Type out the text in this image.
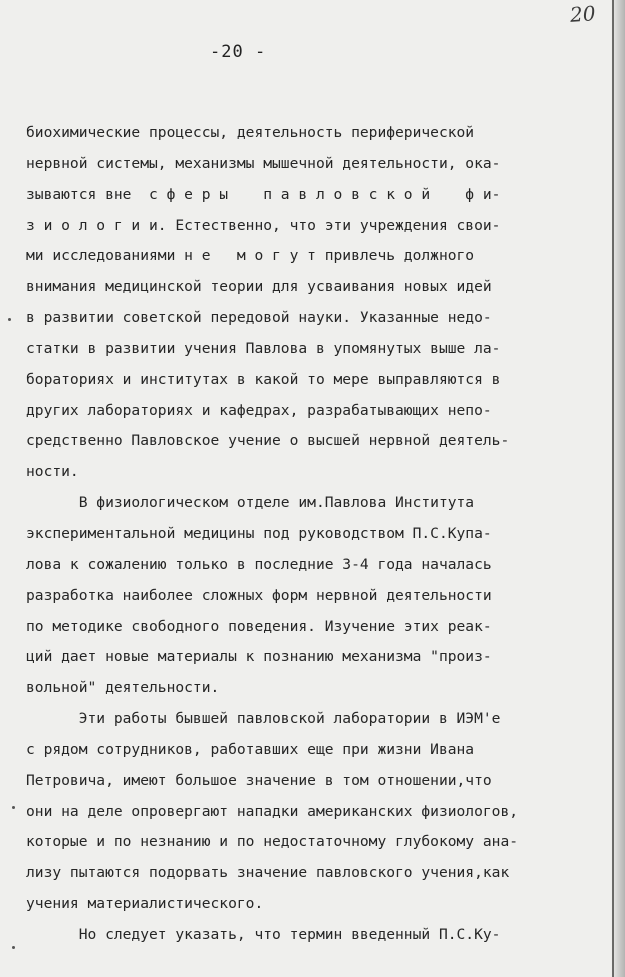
20
-20 -
биохимические процессы, деятельность периферической
нервной системы, механизмы мышечной деятельности, ока-
зываются вне  с ф е р ы    п а в л о в с к о й    ф и-
з и о л о г и и. Естественно, что эти учреждения свои-
ми исследованиями н е   м о г у т привлечь должного
внимания медицинской теории для усваивания новых идей
в развитии советской передовой науки. Указанные недо-
статки в развитии учения Павлова в упомянутых выше ла-
бораториях и институтах в какой то мере выправляются в
других лабораториях и кафедрах, разрабатывающих непо-
средственно Павловское учение о высшей нервной деятель-
ности.
В физиологическом отделе им.Павлова Института
экспериментальной медицины под руководством П.С.Купа-
лова к сожалению только в последние 3-4 года началась
разработка наиболее сложных форм нервной деятельности
по методике свободного поведения. Изучение этих реак-
ций дает новые материалы к познанию механизма "произ-
вольной" деятельности.
Эти работы бывшей павловской лаборатории в ИЭМ'е
с рядом сотрудников, работавших еще при жизни Ивана
Петровича, имеют большое значение в том отношении,что
они на деле опровергают нападки американских физиологов,
которые и по незнанию и по недостаточному глубокому ана-
лизу пытаются подорвать значение павловского учения,как
учения материалистического.
Но следует указать, что термин введенный П.С.Ку-
